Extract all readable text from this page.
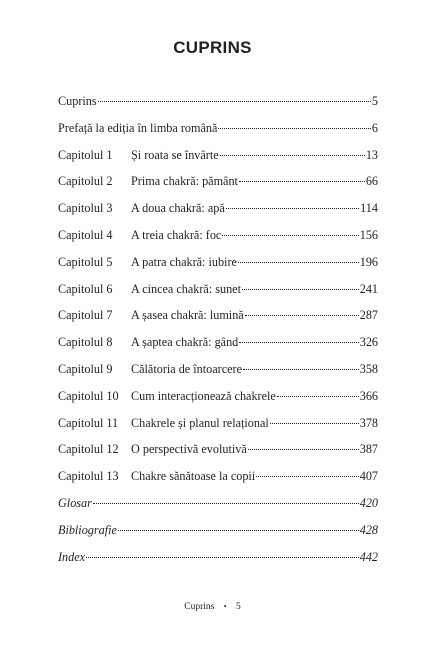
CUPRINS
Cuprins	5
Prefață la ediția în limba română	6
Capitolul 1	Și roata se învârte	13
Capitolul 2	Prima chakră: pământ	66
Capitolul 3	A doua chakră: apă	114
Capitolul 4	A treia chakră: foc	156
Capitolul 5	A patra chakră: iubire	196
Capitolul 6	A cincea chakră: sunet	241
Capitolul 7	A șasea chakră: lumină	287
Capitolul 8	A șaptea chakră: gând	326
Capitolul 9	Călătoria de întoarcere	358
Capitolul 10	Cum interacționează chakrele	366
Capitolul 11	Chakrele și planul relațional	378
Capitolul 12	O perspectivă evolutivă	387
Capitolul 13	Chakre sănătoase la copii	407
Glosar	420
Bibliografie	428
Index	442
Cuprins • 5
